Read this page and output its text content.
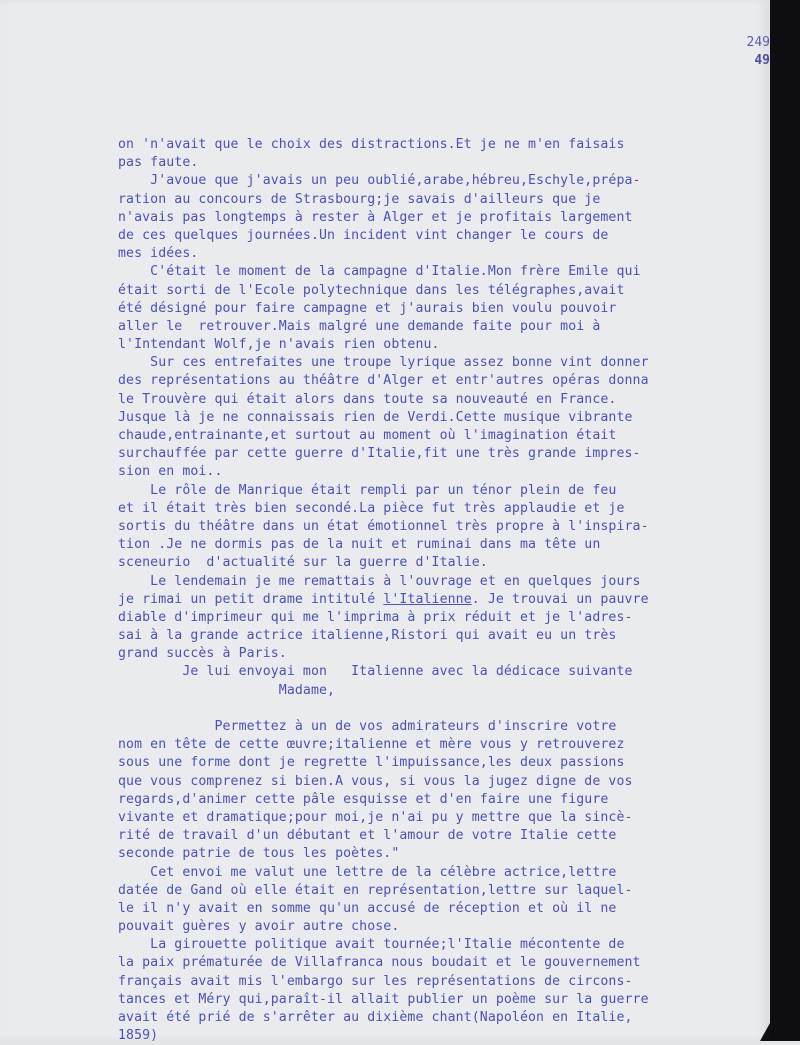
249
49
on 'n'avait que le choix des distractions.Et je ne m'en faisais
pas faute.
J'avoue que j'avais un peu oublié,arabe,hébreu,Eschyle,prépa-
ration au concours de Strasbourg;je savais d'ailleurs que je
n'avais pas longtemps à rester à Alger et je profitais largement
de ces quelques journées.Un incident vint changer le cours de
mes idées.
C'était le moment de la campagne d'Italie.Mon frère Emile qui
était sorti de l'Ecole polytechnique dans les télégraphes,avait
été désigné pour faire campagne et j'aurais bien voulu pouvoir
aller le  retrouver.Mais malgré une demande faite pour moi à
l'Intendant Wolf,je n'avais rien obtenu.
Sur ces entrefaites une troupe lyrique assez bonne vint donner
des représentations au théâtre d'Alger et entr'autres opéras donna
le Trouvère qui était alors dans toute sa nouveauté en France.
Jusque là je ne connaissais rien de Verdi.Cette musique vibrante
chaude,entrainante,et surtout au moment où l'imagination était
surchauffée par cette guerre d'Italie,fit une très grande impres-
sion en moi..
Le rôle de Manrique était rempli par un ténor plein de feu
et il était très bien secondé.La pièce fut très applaudie et je
sortis du théâtre dans un état émotionnel très propre à l'inspira-
tion .Je ne dormis pas de la nuit et ruminai dans ma tête un
sceneurio  d'actualité sur la guerre d'Italie.
Le lendemain je me remattais à l'ouvrage et en quelques jours
je rimai un petit drame intitulé l'Italienne. Je trouvai un pauvre
diable d'imprimeur qui me l'imprima à prix réduit et je l'adres-
sai à la grande actrice italienne,Ristori qui avait eu un très
grand succès à Paris.
Je lui envoyai mon   Italienne avec la dédicace suivante
Madame,
Permettez à un de vos admirateurs d'inscrire votre
nom en tête de cette œuvre;italienne et mère vous y retrouverez
sous une forme dont je regrette l'impuissance,les deux passions
que vous comprenez si bien.A vous, si vous la jugez digne de vos
regards,d'animer cette pâle esquisse et d'en faire une figure
vivante et dramatique;pour moi,je n'ai pu y mettre que la sincè-
rité de travail d'un débutant et l'amour de votre Italie cette
seconde patrie de tous les poètes."
Cet envoi me valut une lettre de la célèbre actrice,lettre
datée de Gand où elle était en représentation,lettre sur laquel-
le il n'y avait en somme qu'un accusé de réception et où il ne
pouvait guères y avoir autre chose.
La girouette politique avait tournée;l'Italie mécontente de
la paix prématurée de Villafranca nous boudait et le gouvernement
français avait mis l'embargo sur les représentations de circons-
tances et Méry qui,paraît-il allait publier un poème sur la guerre
avait été prié de s'arrêter au dixième chant(Napoléon en Italie,
1859)
